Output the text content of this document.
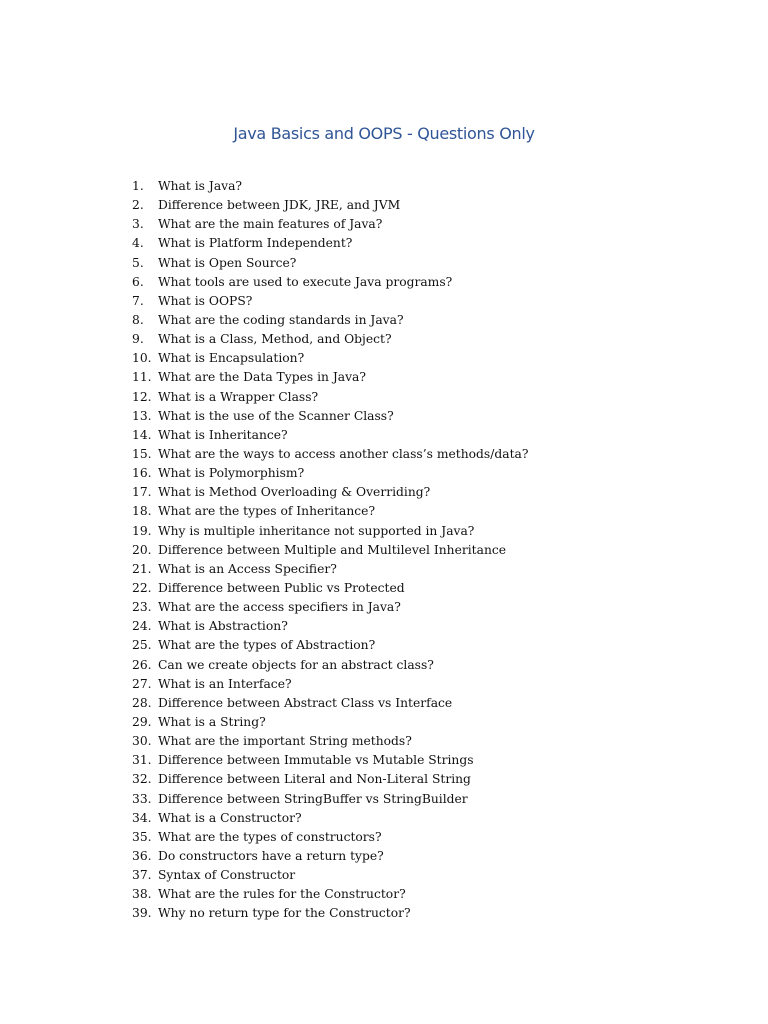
Java Basics and OOPS - Questions Only
1.	What is Java?
2.	Difference between JDK, JRE, and JVM
3.	What are the main features of Java?
4.	What is Platform Independent?
5.	What is Open Source?
6.	What tools are used to execute Java programs?
7.	What is OOPS?
8.	What are the coding standards in Java?
9.	What is a Class, Method, and Object?
10. What is Encapsulation?
11. What are the Data Types in Java?
12. What is a Wrapper Class?
13. What is the use of the Scanner Class?
14. What is Inheritance?
15. What are the ways to access another class’s methods/data?
16. What is Polymorphism?
17. What is Method Overloading & Overriding?
18. What are the types of Inheritance?
19. Why is multiple inheritance not supported in Java?
20. Difference between Multiple and Multilevel Inheritance
21. What is an Access Specifier?
22. Difference between Public vs Protected
23. What are the access specifiers in Java?
24. What is Abstraction?
25. What are the types of Abstraction?
26. Can we create objects for an abstract class?
27. What is an Interface?
28. Difference between Abstract Class vs Interface
29. What is a String?
30. What are the important String methods?
31. Difference between Immutable vs Mutable Strings
32. Difference between Literal and Non-Literal String
33. Difference between StringBuffer vs StringBuilder
34. What is a Constructor?
35. What are the types of constructors?
36. Do constructors have a return type?
37. Syntax of Constructor
38. What are the rules for the Constructor?
39. Why no return type for the Constructor?
